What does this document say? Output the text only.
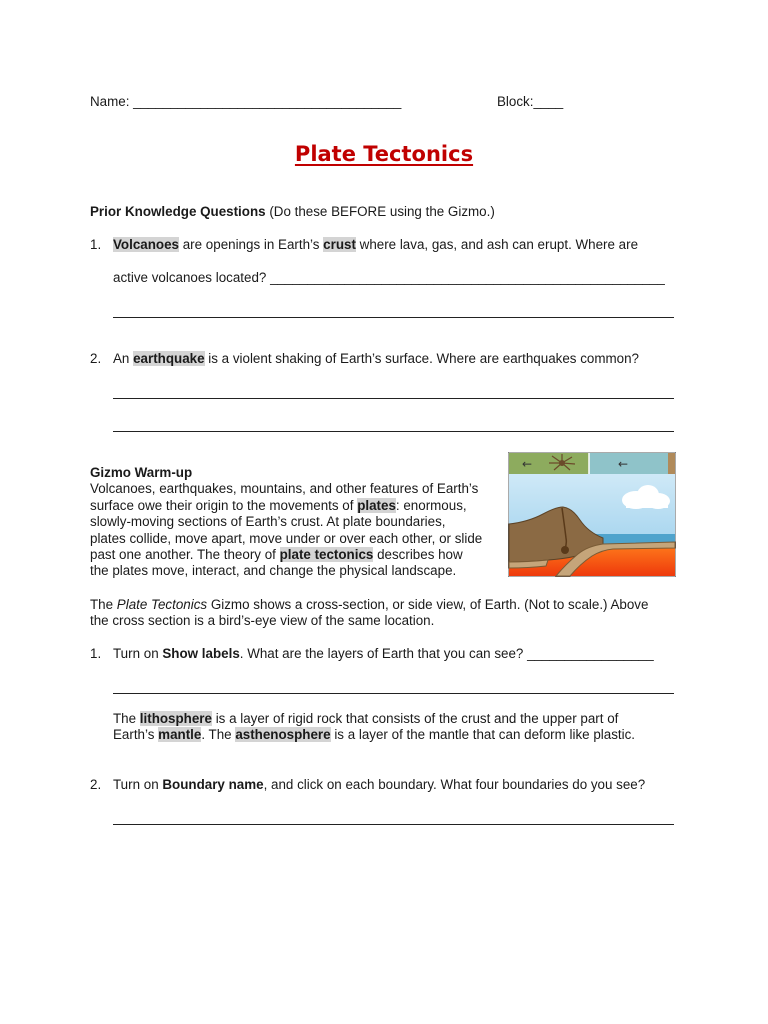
Name: ____________________________________	Block:____
Plate Tectonics
Prior Knowledge Questions (Do these BEFORE using the Gizmo.)
1. Volcanoes are openings in Earth’s crust where lava, gas, and ash can erupt. Where are
active volcanoes located? _____________________________________________________
2. An earthquake is a violent shaking of Earth’s surface. Where are earthquakes common?
Gizmo Warm-up
Volcanoes, earthquakes, mountains, and other features of Earth’s
surface owe their origin to the movements of plates: enormous,
slowly-moving sections of Earth’s crust. At plate boundaries,
plates collide, move apart, move under or over each other, or slide
past one another. The theory of plate tectonics describes how
the plates move, interact, and change the physical landscape.
←	←
The Plate Tectonics Gizmo shows a cross-section, or side view, of Earth. (Not to scale.) Above
the cross section is a bird’s-eye view of the same location.
1. Turn on Show labels. What are the layers of Earth that you can see? _________________
The lithosphere is a layer of rigid rock that consists of the crust and the upper part of
Earth’s mantle. The asthenosphere is a layer of the mantle that can deform like plastic.
2. Turn on Boundary name, and click on each boundary. What four boundaries do you see?
